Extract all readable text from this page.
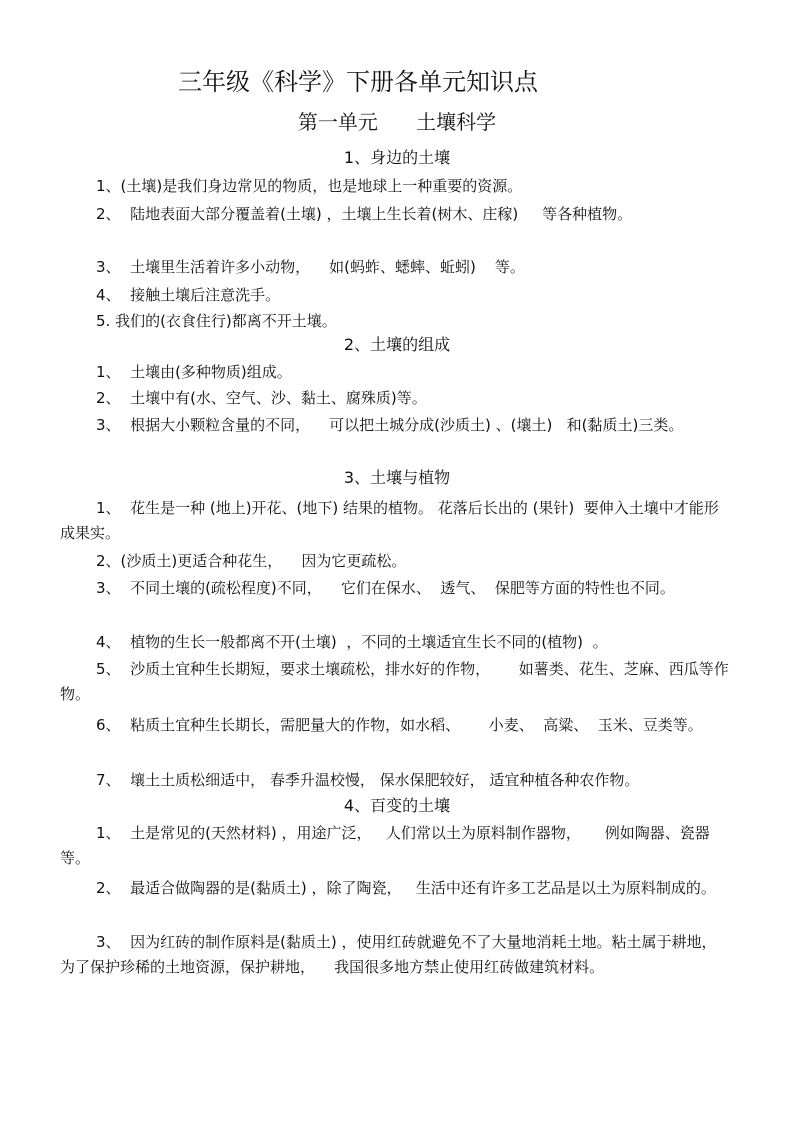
三年级《科学》下册各单元知识点
第一单元      土壤科学
1、身边的土壤
1、(土壤)是我们身边常见的物质，也是地球上一种重要的资源。
2、  陆地表面大部分覆盖着(土壤) ，土壤上生长着(树木、庄稼)     等各种植物。
3、  土壤里生活着许多小动物，    如(蚂蚱、蟋蟀、蚯蚓)    等。
4、  接触土壤后注意洗手。
5. 我们的(衣食住行)都离不开土壤。
2、土壤的组成
1、  土壤由(多种物质)组成。
2、  土壤中有(水、空气、沙、黏土、腐殊质)等。
3、  根据大小颗粒含量的不同，    可以把土城分成(沙质土) 、(壤土)   和(黏质土)三类。
3、土壤与植物
1、  花生是一种 (地上)开花、(地下) 结果的植物。 花落后长出的 (果针)  要伸入土壤中才能形成果实。
2、(沙质土)更适合种花生，    因为它更疏松。
3、  不同土壤的(疏松程度)不同，    它们在保水、  透气、  保肥等方面的特性也不同。
4、  植物的生长一般都离不开(土壤)  ，不同的土壤适宜生长不同的(植物)  。
5、  沙质土宜种生长期短，要求土壤疏松，排水好的作物，      如薯类、花生、芝麻、西瓜等作物。
6、  粘质土宜种生长期长，需肥量大的作物，如水稻、      小麦、  高粱、  玉米、豆类等。
7、  壤土土质松细适中， 春季升温校慢， 保水保肥较好， 适宜种植各种农作物。
4、百变的土壤
1、  土是常见的(天然材料) ，用途广泛，   人们常以土为原料制作器物，     例如陶器、瓷器等。
2、  最适合做陶器的是(黏质土) ，除了陶瓷，   生活中还有许多工艺品是以土为原料制成的。
3、  因为红砖的制作原料是(黏质土) ，使用红砖就避免不了大量地消耗土地。粘土属于耕地，   为了保护珍稀的土地资源，保护耕地，    我国很多地方禁止使用红砖做建筑材料。
